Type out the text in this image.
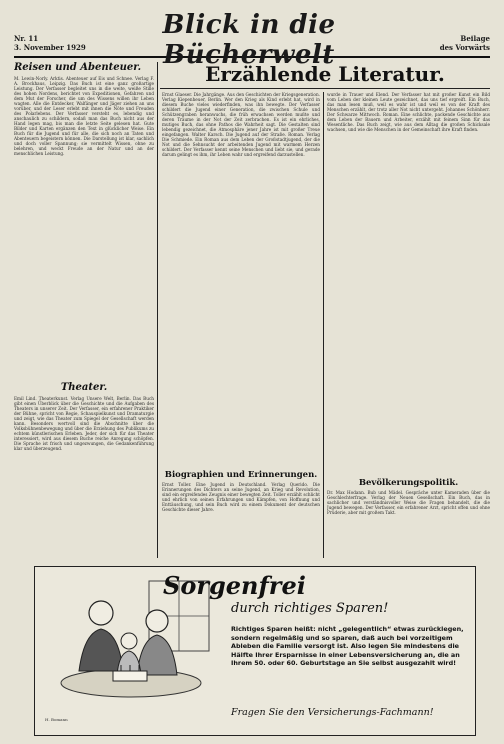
Nr. 11
3. November 1929
Blick in die Bücherwelt
Beilage
des Vorwärts
Reisen und Abenteuer.
M. Lewin-Norly. Arktis. Abenteuer auf Eis und Schnee. Verlag F. A. Brockhaus, Leipzig. Das Buch ist eine ganz großartige Leistung. Der Verfasser begleitet uns in die weite, weiße Stille des hohen Nordens, berichtet von Expeditionen, Gefahren und dem Mut der Forscher, die um des Wissens willen ihr Leben wagten. Alle die Entdecker, Walfänger und Jäger ziehen an uns vorüber, und der Leser erlebt mit ihnen die Nöte und Freuden des Polarlebens. Der Verfasser versteht es, lebendig und anschaulich zu schildern, sodaß man das Buch nicht aus der Hand legen mag, bis man die letzte Seite gelesen hat. Gute Bilder und Karten ergänzen den Text in glücklicher Weise. Ein Buch für die Jugend und für alle, die sich noch an Taten und Abenteuern begeistern können. Die Darstellung ist klar, sachlich und doch voller Spannung; sie vermittelt Wissen, ohne zu belehren, und weckt Freude an der Natur und an der menschlichen Leistung.
Theater.
Emil Lind. Theaterkunst. Verlag Unsere Welt, Berlin. Das Buch gibt einen Überblick über die Geschichte und die Aufgaben des Theaters in unserer Zeit. Der Verfasser, ein erfahrener Praktiker der Bühne, spricht von Regie, Schauspielkunst und Dramaturgie und zeigt, wie das Theater zum Spiegel der Gesellschaft werden kann. Besonders wertvoll sind die Abschnitte über die Volksbühnenbewegung und über die Erziehung des Publikums zu echtem künstlerischen Erleben. Jeder, der sich für das Theater interessiert, wird aus diesem Buche reiche Anregung schöpfen. Die Sprache ist frisch und ungezwungen, die Gedankenführung klar und überzeugend.
Erzählende Literatur.
Ernst Glaeser. Die Jahrgänge. Aus den Geschichten der Kriegsgeneration. Verlag Kiepenheuer, Berlin. Wer den Krieg als Kind erlebt hat, wird in diesem Buche vieles wiederfinden, was ihn bewegte. Der Verfasser schildert die Jugend einer Generation, die zwischen Schule und Schützengraben heranwuchs, die früh erwachsen werden mußte und deren Träume in der Not der Zeit zerbrachen. Es ist ein ehrliches, mutiges Buch, das ohne Pathos die Wahrheit sagt. Die Gestalten sind lebendig gezeichnet, die Atmosphäre jener Jahre ist mit großer Treue eingefangen. Walter Karsch. Die Jugend auf der Straße. Roman. Verlag Die Schmiede. Ein Roman aus dem Leben der Großstadtjugend, der die Not und die Sehnsucht der arbeitenden Jugend mit warmem Herzen schildert. Der Verfasser kennt seine Menschen und liebt sie, und gerade darum gelingt es ihm, ihr Leben wahr und ergreifend darzustellen.
wurde in Trauer und Elend. Der Verfasser hat mit großer Kunst ein Bild vom Leben der kleinen Leute gezeichnet, das uns tief ergreift. Ein Buch, das man lesen muß, weil es wahr ist und weil es von der Kraft des Menschen erzählt, der trotz aller Not nicht untergeht. Johannes Schönherr. Der Schwarze Mittwoch. Roman. Eine schlichte, packende Geschichte aus dem Leben der Bauern und Arbeiter, erzählt mit feinem Sinn für das Wesentliche. Das Buch zeigt, wie aus dem Alltag die großen Schicksale wachsen, und wie die Menschen in der Gemeinschaft ihre Kraft finden.
Biographien und Erinnerungen.
Ernst Toller. Eine Jugend in Deutschland. Verlag Querido. Die Erinnerungen des Dichters an seine Jugend, an Krieg und Revolution, sind ein ergreifendes Zeugnis einer bewegten Zeit. Toller erzählt schlicht und ehrlich von seinen Erfahrungen und Kämpfen, von Hoffnung und Enttäuschung, und sein Buch wird zu einem Dokument der deutschen Geschichte dieser Jahre.
Bevölkerungspolitik.
Dr. Max Hodann. Bub und Mädel. Gespräche unter Kameraden über die Geschlechterfrage. Verlag der Neuen Gesellschaft. Ein Buch, das in sachlicher und verständnisvoller Weise die Fragen behandelt, die die Jugend bewegen. Der Verfasser, ein erfahrener Arzt, spricht offen und ohne Prüderie, aber mit großem Takt.
H. Bomann
Sorgenfrei
durch richtiges Sparen!
Richtiges Sparen heißt: nicht „gelegentlich“ etwas zurücklegen, sondern regelmäßig und so sparen, daß auch bei vorzeitigem Ableben die Familie versorgt ist. Also legen Sie mindestens die Hälfte Ihrer Ersparnisse in einer Lebensversicherung an, die an Ihrem 50. oder 60. Geburtstage an Sie selbst ausgezahlt wird!
Fragen Sie den Versicherungs-Fachmann!
